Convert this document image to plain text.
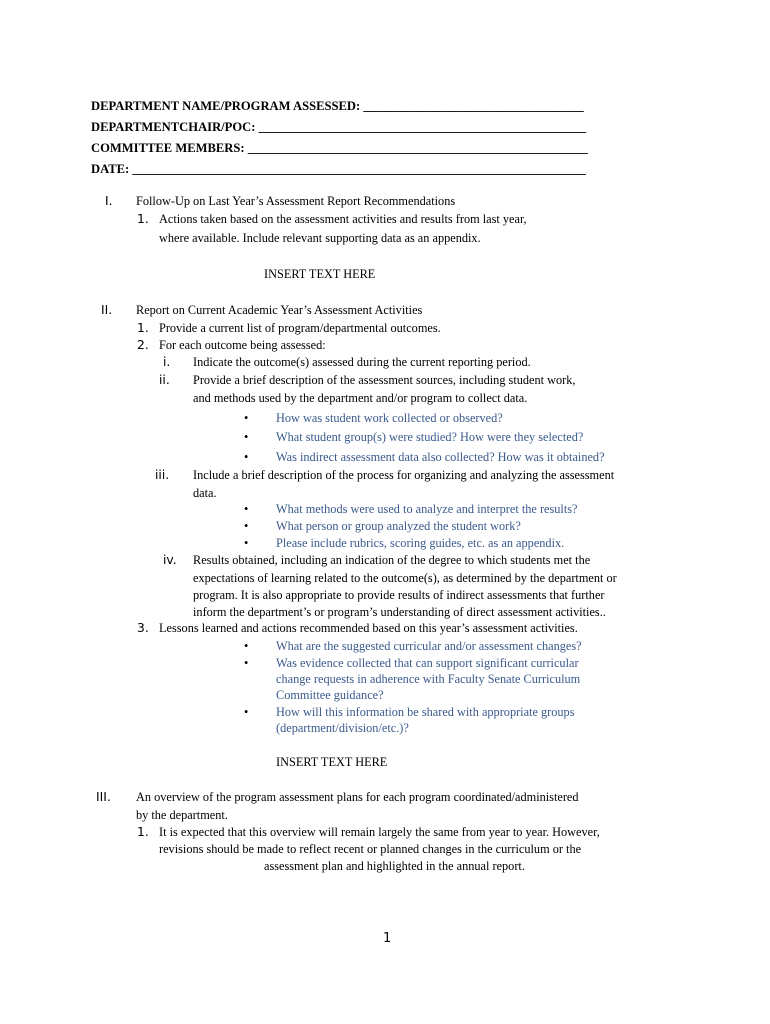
DEPARTMENT NAME/PROGRAM ASSESSED: ___________________________________
DEPARTMENTCHAIR/POC: ____________________________________________________
COMMITTEE MEMBERS: ______________________________________________________
DATE: ________________________________________________________________________
I. Follow-Up on Last Year’s Assessment Report Recommendations
1. Actions taken based on the assessment activities and results from last year,
where available. Include relevant supporting data as an appendix.
INSERT TEXT HERE
II. Report on Current Academic Year’s Assessment Activities
1. Provide a current list of program/departmental outcomes.
2. For each outcome being assessed:
i. Indicate the outcome(s) assessed during the current reporting period.
ii. Provide a brief description of the assessment sources, including student work,
and methods used by the department and/or program to collect data.
• How was student work collected or observed?
• What student group(s) were studied? How were they selected?
• Was indirect assessment data also collected? How was it obtained?
iii. Include a brief description of the process for organizing and analyzing the assessment
data.
• What methods were used to analyze and interpret the results?
• What person or group analyzed the student work?
• Please include rubrics, scoring guides, etc. as an appendix.
iv. Results obtained, including an indication of the degree to which students met the
expectations of learning related to the outcome(s), as determined by the department or
program. It is also appropriate to provide results of indirect assessments that further
inform the department’s or program’s understanding of direct assessment activities..
3. Lessons learned and actions recommended based on this year’s assessment activities.
• What are the suggested curricular and/or assessment changes?
• Was evidence collected that can support significant curricular
change requests in adherence with Faculty Senate Curriculum
Committee guidance?
• How will this information be shared with appropriate groups
(department/division/etc.)?
INSERT TEXT HERE
III. An overview of the program assessment plans for each program coordinated/administered
by the department.
1. It is expected that this overview will remain largely the same from year to year. However,
revisions should be made to reflect recent or planned changes in the curriculum or the
assessment plan and highlighted in the annual report.
1
